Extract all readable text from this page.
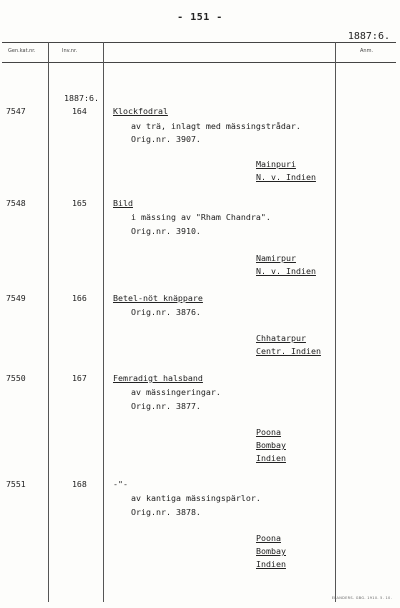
- 151 -
1887:6.
Gen.kat.nr.	Inv.nr.	Anm.
1887:6.
7547	164	Klockfodral
av trä, inlagt med mässingstrådar.
Orig.nr. 3907.
Mainpuri
N. v. Indien
7548	165	Bild
i mässing av "Rham Chandra".
Orig.nr. 3910.
Namirpur
N. v. Indien
7549	166	Betel-nöt knäppare
Orig.nr. 3876.
Chhatarpur
Centr. Indien
7550	167	Femradigt halsband
av mässingeringar.
Orig.nr. 3877.
Poona
Bombay
Indien
7551	168	-"-
av kantiga mässingspärlor.
Orig.nr. 3878.
Poona
Bombay
Indien
ELANDERS. GBG. 1910. 5. 10.
